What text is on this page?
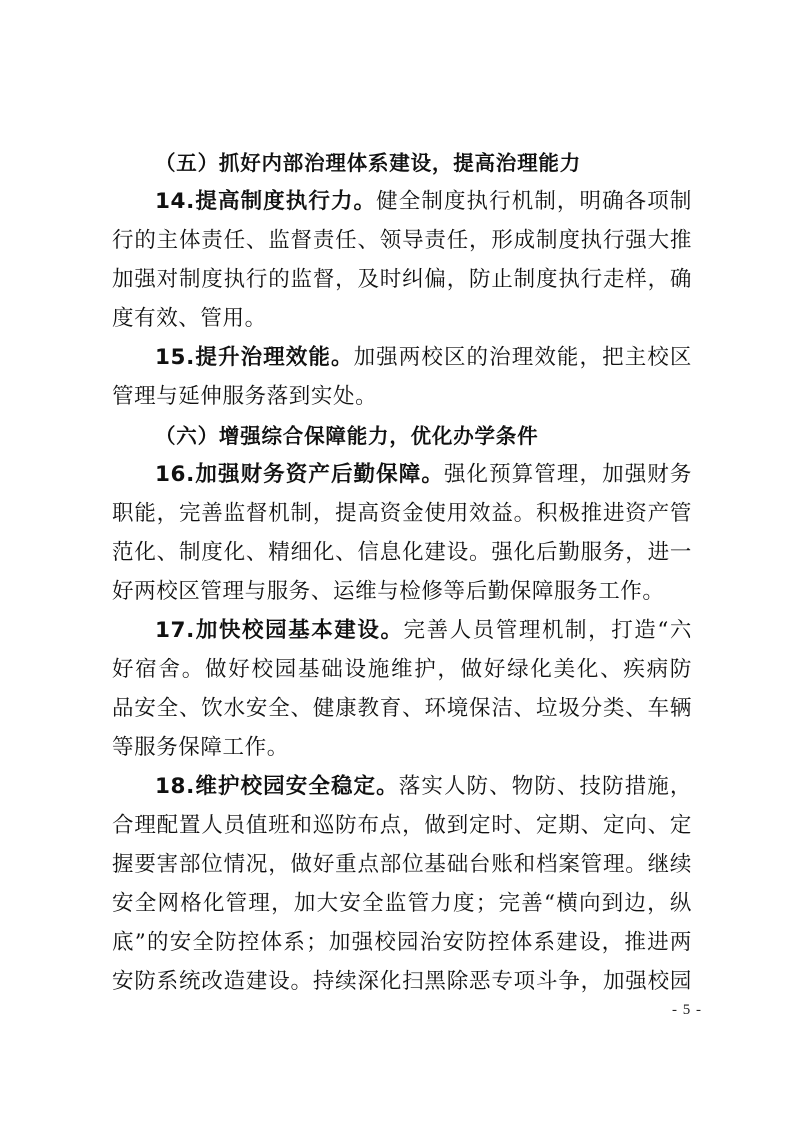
（五）抓好内部治理体系建设，提高治理能力
14.提高制度执行力。健全制度执行机制，明确各项制
行的主体责任、监督责任、领导责任，形成制度执行强大推
加强对制度执行的监督，及时纠偏，防止制度执行走样，确
度有效、管用。
15.提升治理效能。加强两校区的治理效能，把主校区
管理与延伸服务落到实处。
（六）增强综合保障能力，优化办学条件
16.加强财务资产后勤保障。强化预算管理，加强财务
职能，完善监督机制，提高资金使用效益。积极推进资产管
范化、制度化、精细化、信息化建设。强化后勤服务，进一
好两校区管理与服务、运维与检修等后勤保障服务工作。
17.加快校园基本建设。完善人员管理机制，打造“六
好宿舍。做好校园基础设施维护，做好绿化美化、疾病防
品安全、饮水安全、健康教育、环境保洁、垃圾分类、车辆
等服务保障工作。
18.维护校园安全稳定。落实人防、物防、技防措施，
合理配置人员值班和巡防布点，做到定时、定期、定向、定
握要害部位情况，做好重点部位基础台账和档案管理。继续
安全网格化管理，加大安全监管力度；完善“横向到边，纵
底”的安全防控体系；加强校园治安防控体系建设，推进两
安防系统改造建设。持续深化扫黑除恶专项斗争，加强校园
- 5 -
